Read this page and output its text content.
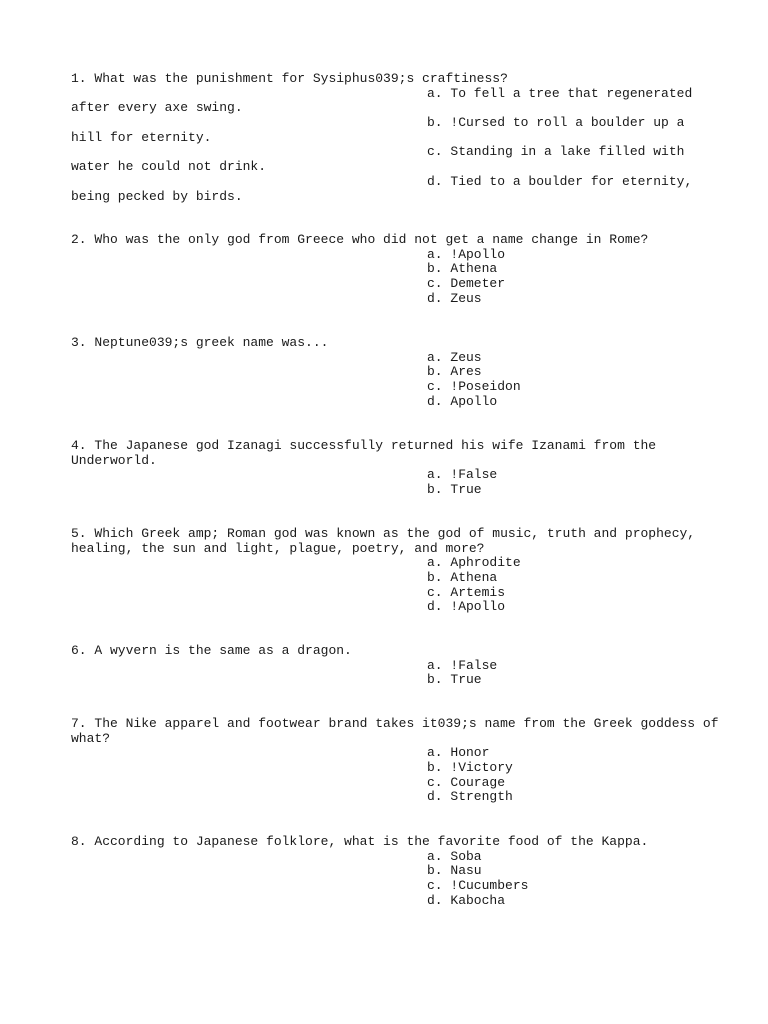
1. What was the punishment for Sysiphus039;s craftiness?
a. To fell a tree that regenerated
after every axe swing.
b. !Cursed to roll a boulder up a
hill for eternity.
c. Standing in a lake filled with
water he could not drink.
d. Tied to a boulder for eternity,
being pecked by birds.
2. Who was the only god from Greece who did not get a name change in Rome?
a. !Apollo
b. Athena
c. Demeter
d. Zeus
3. Neptune039;s greek name was...
a. Zeus
b. Ares
c. !Poseidon
d. Apollo
4. The Japanese god Izanagi successfully returned his wife Izanami from the
Underworld.
a. !False
b. True
5. Which Greek amp; Roman god was known as the god of music, truth and prophecy,
healing, the sun and light, plague, poetry, and more?
a. Aphrodite
b. Athena
c. Artemis
d. !Apollo
6. A wyvern is the same as a dragon.
a. !False
b. True
7. The Nike apparel and footwear brand takes it039;s name from the Greek goddess of
what?
a. Honor
b. !Victory
c. Courage
d. Strength
8. According to Japanese folklore, what is the favorite food of the Kappa.
a. Soba
b. Nasu
c. !Cucumbers
d. Kabocha
